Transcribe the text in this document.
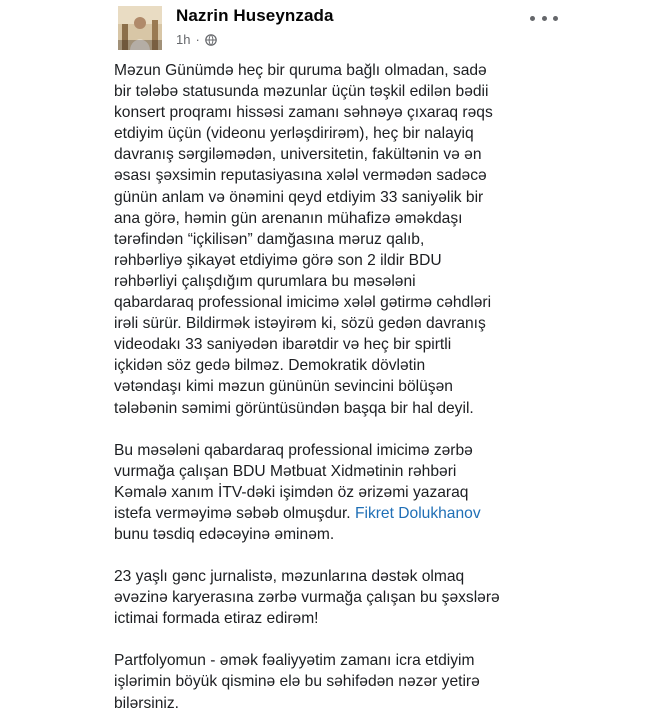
Nazrin Huseynzada
1h ·

Məzun Günümdə heç bir quruma bağlı olmadan, sadə
bir tələbə statusunda məzunlar üçün təşkil edilən bədii
konsert proqramı hissəsi zamanı səhnəyə çıxaraq rəqs
etdiyim üçün (videonu yerləşdirirəm), heç bir nalayiq
davranış sərgiləmədən, universitetin, fakültənin və ən
əsası şəxsimin reputasiyasına xələl vermədən sadəcə
günün anlam və önəmini qeyd etdiyim 33 saniyəlik bir
ana görə, həmin gün arenanın mühafizə əməkdaşı
tərəfindən “içkilisən” damğasına məruz qalıb,
rəhbərliyə şikayət etdiyimə görə son 2 ildir BDU
rəhbərliyi çalışdığım qurumlara bu məsələni
qabardaraq professional imicimə xələl gətirmə cəhdləri
irəli sürür. Bildirmək istəyirəm ki, sözü gedən davranış
videodakı 33 saniyədən ibarətdir və heç bir spirtli
içkidən söz gedə bilməz. Demokratik dövlətin
vətəndaşı kimi məzun gününün sevincini bölüşən
tələbənin səmimi görüntüsündən başqa bir hal deyil.

Bu məsələni qabardaraq professional imicimə zərbə
vurmağa çalışan BDU Mətbuat Xidmətinin rəhbəri
Kəmalə xanım İTV-dəki işimdən öz ərizəmi yazaraq
istefa verməyimə səbəb olmuşdur. Fikret Dolukhanov
bunu təsdiq edəcəyinə əminəm.

23 yaşlı gənc jurnalistə, məzunlarına dəstək olmaq
əvəzinə karyerasına zərbə vurmağa çalışan bu şəxslərə
ictimai formada etiraz edirəm!

Partfolyomun - əmək fəaliyyətim zamanı icra etdiyim
işlərimin böyük qisminə elə bu səhifədən nəzər yetirə
bilərsiniz.
